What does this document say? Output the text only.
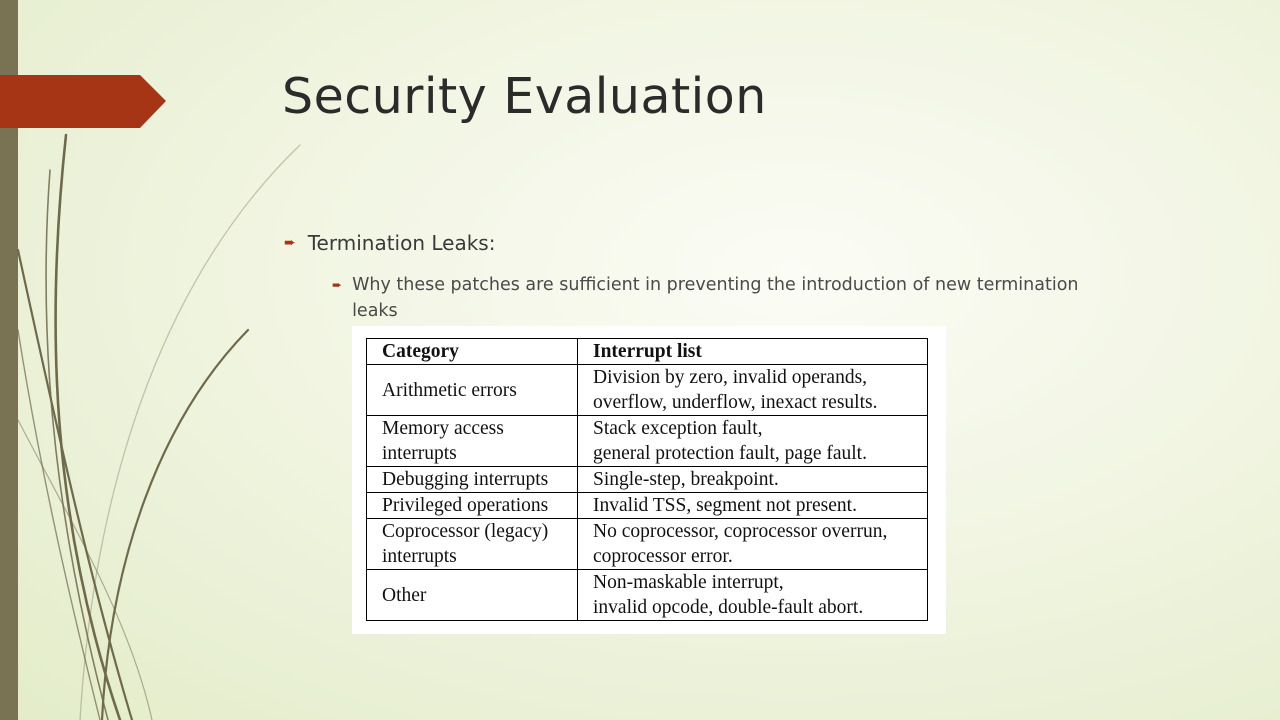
Security Evaluation
➨ Termination Leaks:
➨ Why these patches are sufficient in preventing the introduction of new termination leaks
Category	Interrupt list
Arithmetic errors	Division by zero, invalid operands,
overflow, underflow, inexact results.
Memory access
interrupts	Stack exception fault,
general protection fault, page fault.
Debugging interrupts	Single-step, breakpoint.
Privileged operations	Invalid TSS, segment not present.
Coprocessor (legacy)
interrupts	No coprocessor, coprocessor overrun,
coprocessor error.
Other	Non-maskable interrupt,
invalid opcode, double-fault abort.
